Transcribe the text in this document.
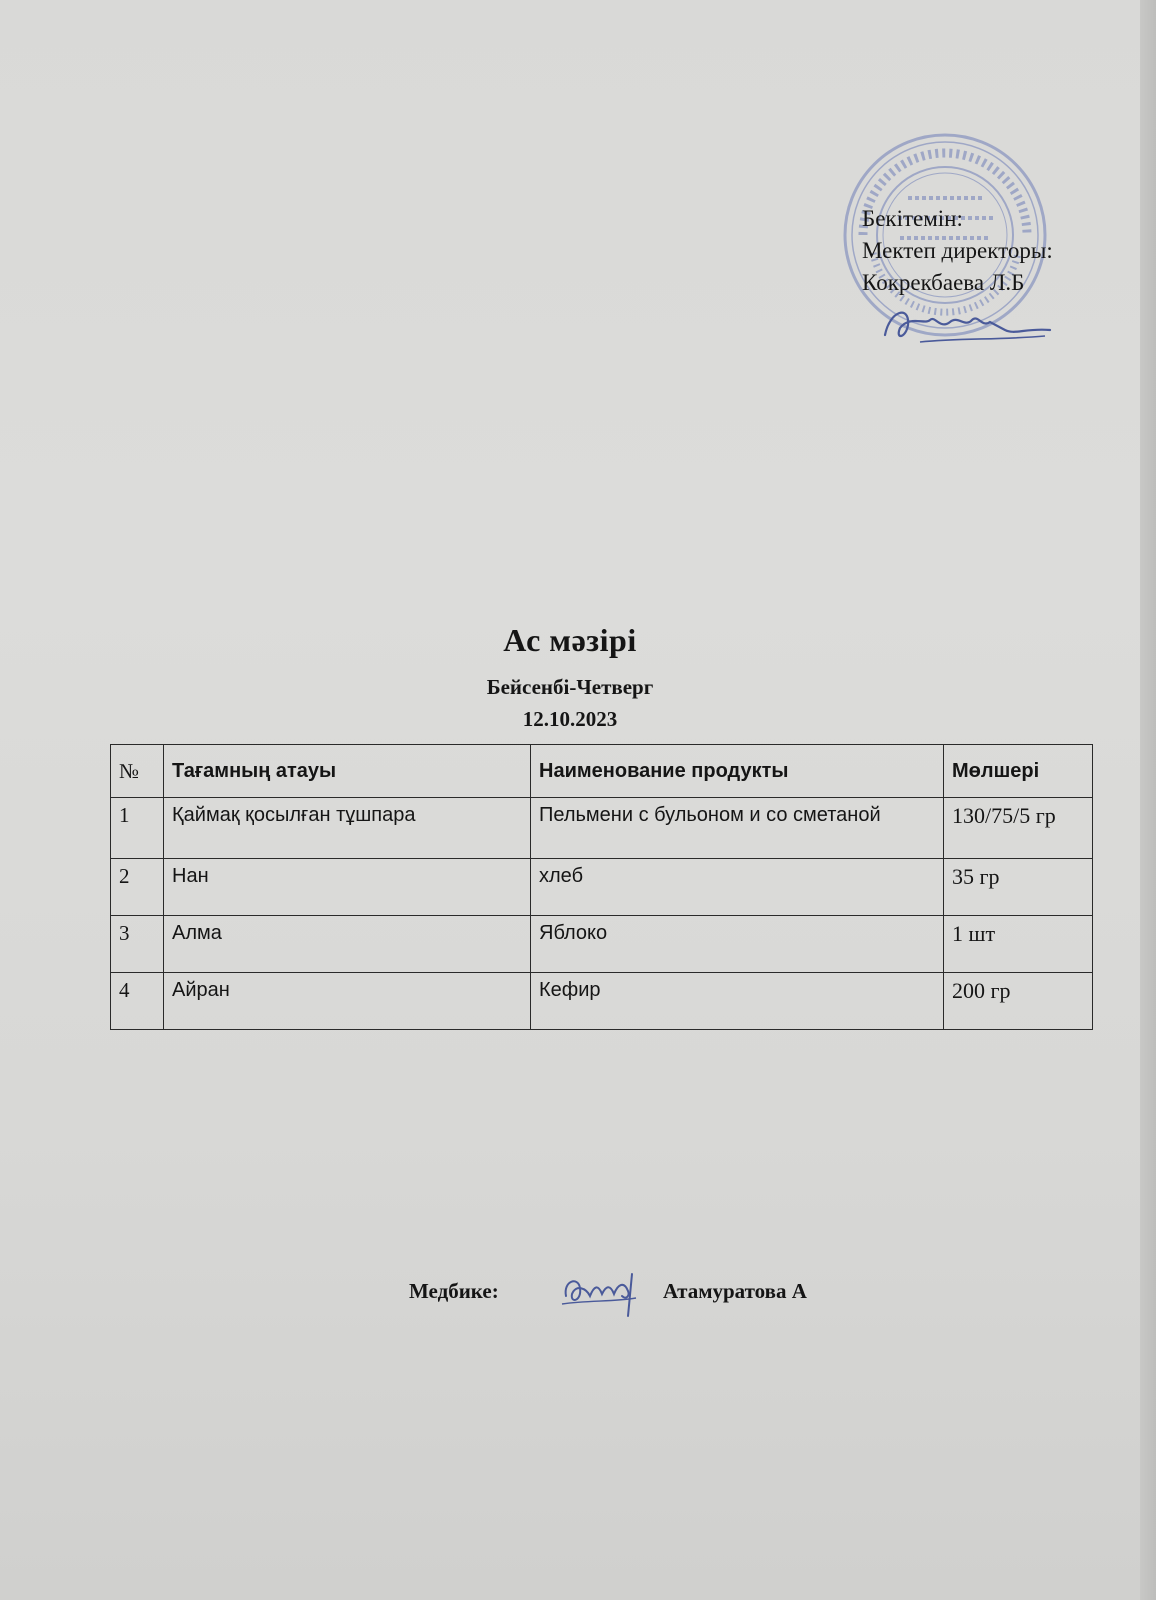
Бекітемін:
Мектеп директоры:
Кокрекбаева Л.Б
Ас мәзірі
Бейсенбі-Четверг
12.10.2023
№	Тағамның атауы	Наименование продукты	Мөлшері
1	Қаймақ қосылған тұшпара	Пельмени с бульоном и со сметаной	130/75/5 гр
2	Нан	хлеб	35 гр
3	Алма	Яблоко	1 шт
4	Айран	Кефир	200 гр
Медбике:	Атамуратова А
